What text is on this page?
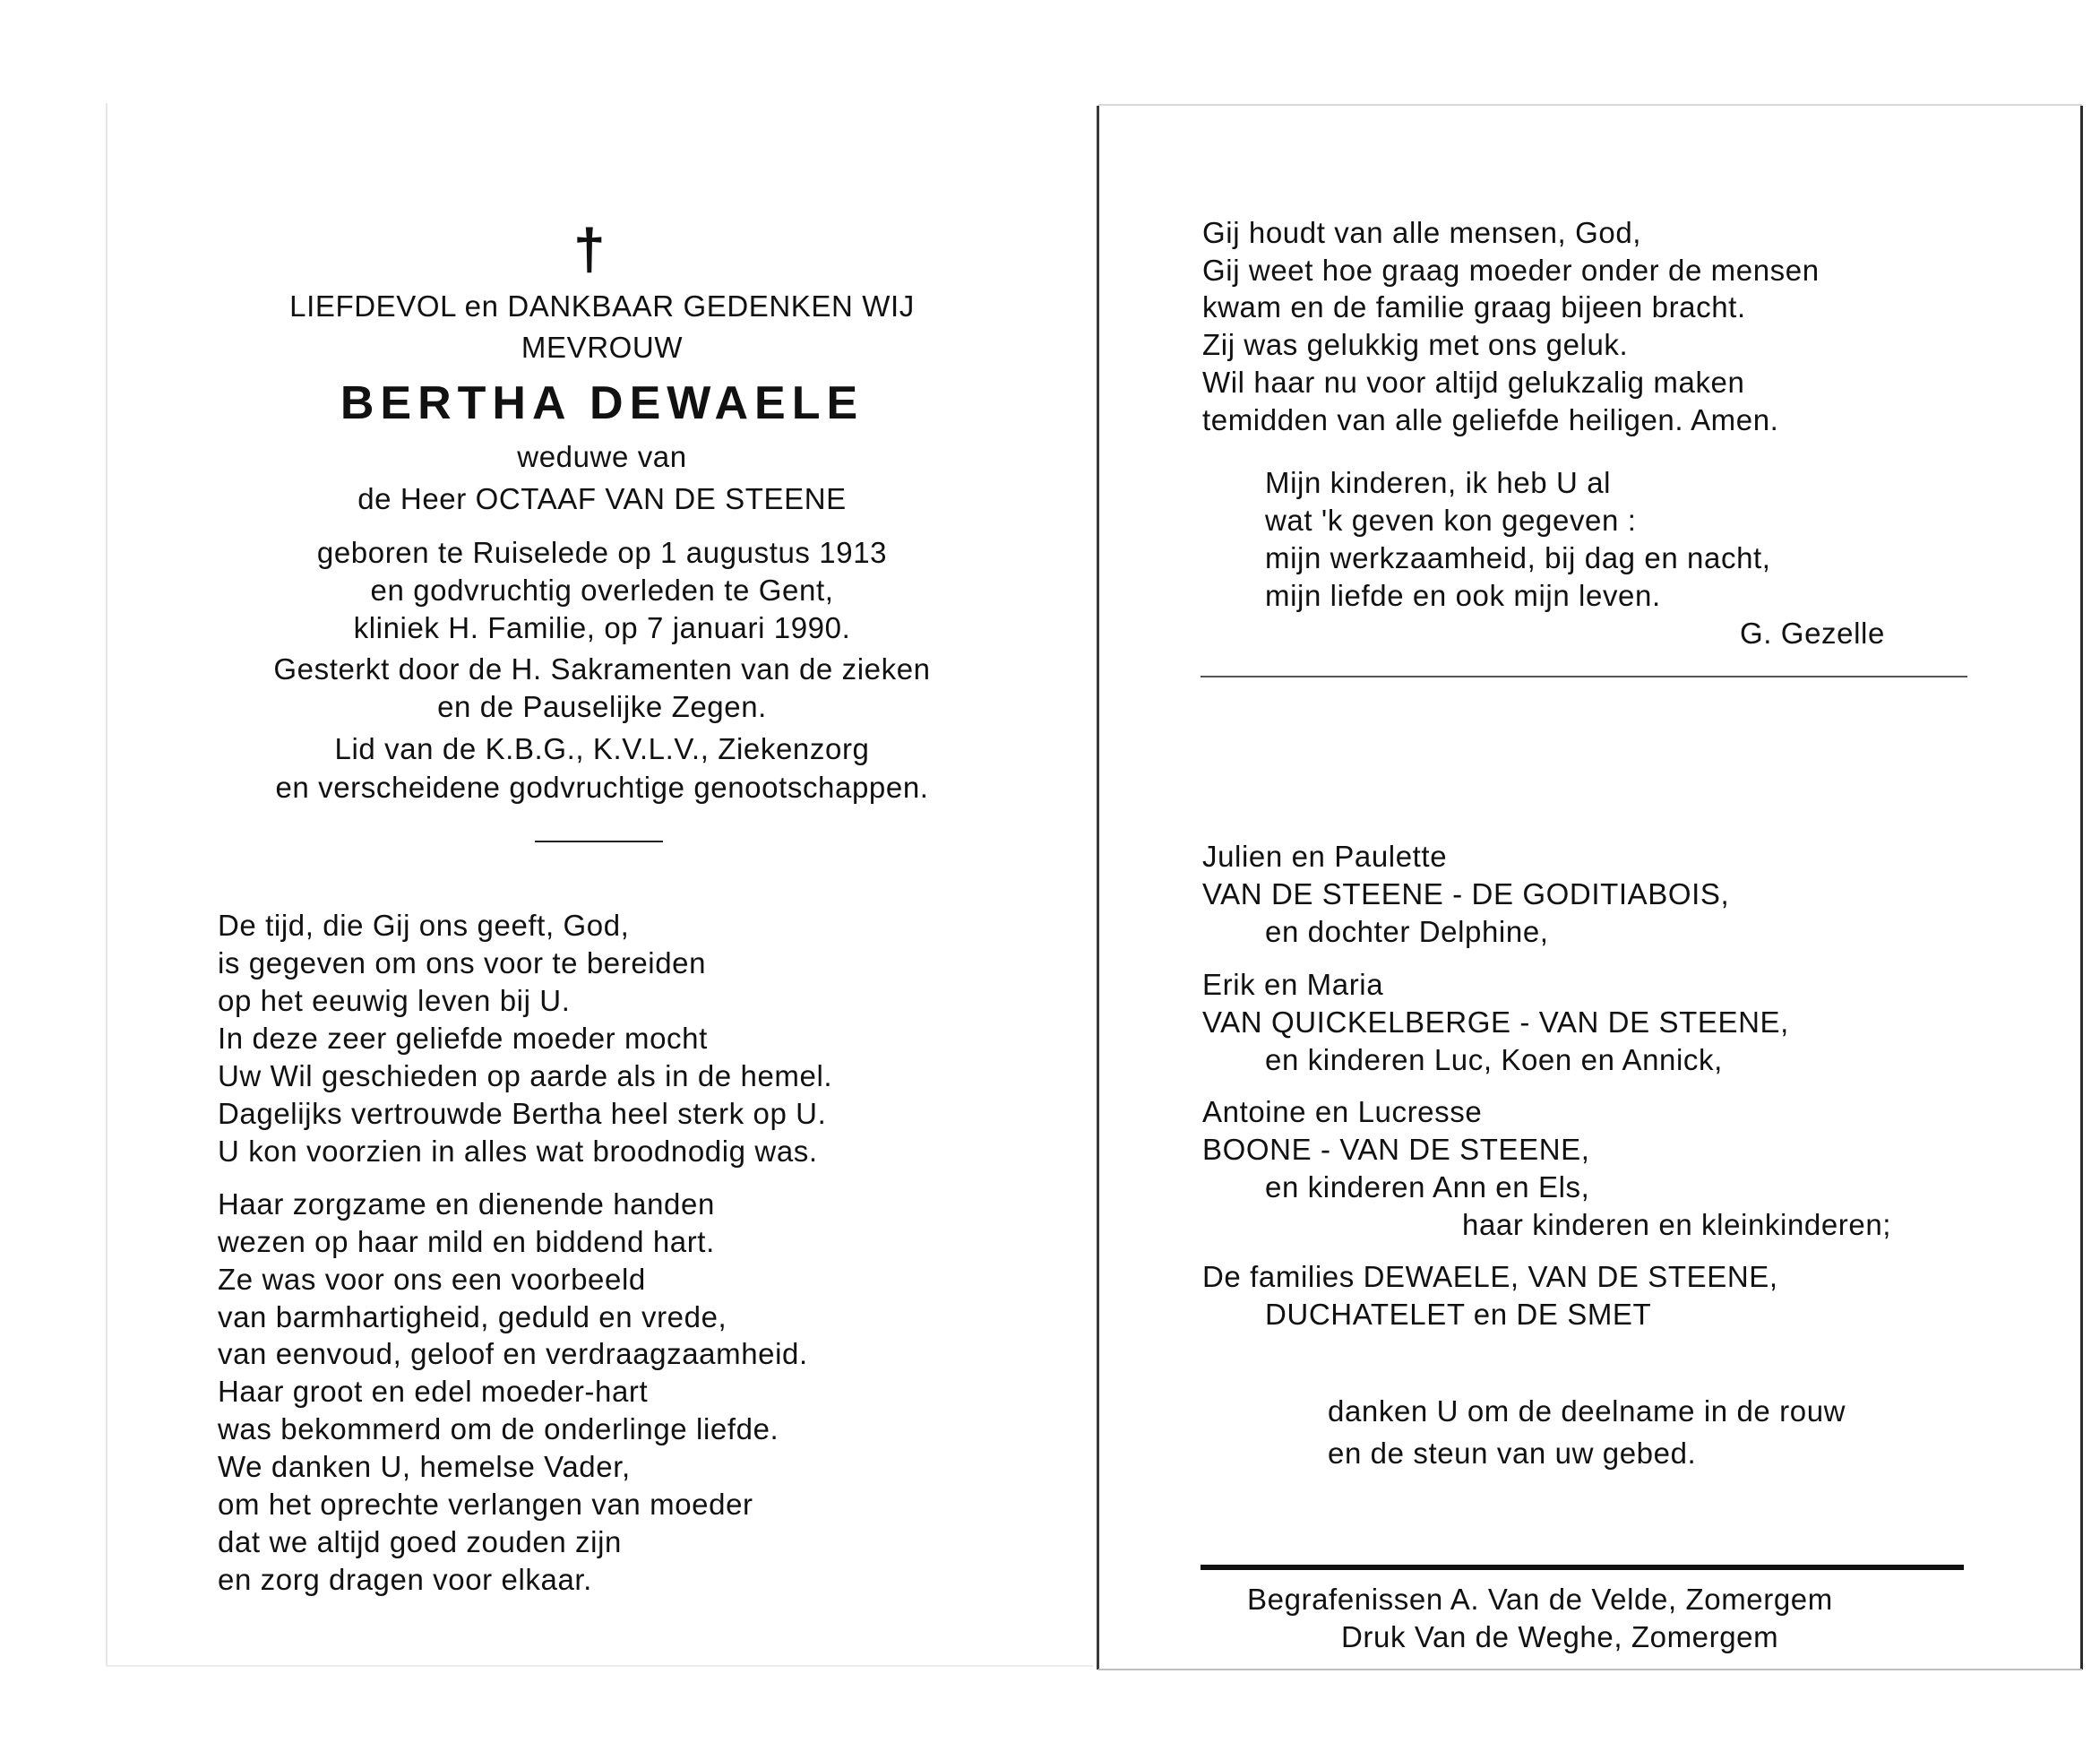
†
LIEFDEVOL en DANKBAAR GEDENKEN WIJ
MEVROUW
BERTHA DEWAELE
weduwe van
de Heer OCTAAF VAN DE STEENE
geboren te Ruiselede op 1 augustus 1913
en godvruchtig overleden te Gent,
kliniek H. Familie, op 7 januari 1990.
Gesterkt door de H. Sakramenten van de zieken
en de Pauselijke Zegen.
Lid van de K.B.G., K.V.L.V., Ziekenzorg
en verscheidene godvruchtige genootschappen.
De tijd, die Gij ons geeft, God,
is gegeven om ons voor te bereiden
op het eeuwig leven bij U.
In deze zeer geliefde moeder mocht
Uw Wil geschieden op aarde als in de hemel.
Dagelijks vertrouwde Bertha heel sterk op U.
U kon voorzien in alles wat broodnodig was.
Haar zorgzame en dienende handen
wezen op haar mild en biddend hart.
Ze was voor ons een voorbeeld
van barmhartigheid, geduld en vrede,
van eenvoud, geloof en verdraagzaamheid.
Haar groot en edel moeder-hart
was bekommerd om de onderlinge liefde.
We danken U, hemelse Vader,
om het oprechte verlangen van moeder
dat we altijd goed zouden zijn
en zorg dragen voor elkaar.
Gij houdt van alle mensen, God,
Gij weet hoe graag moeder onder de mensen
kwam en de familie graag bijeen bracht.
Zij was gelukkig met ons geluk.
Wil haar nu voor altijd gelukzalig maken
temidden van alle geliefde heiligen. Amen.
Mijn kinderen, ik heb U al
wat 'k geven kon gegeven :
mijn werkzaamheid, bij dag en nacht,
mijn liefde en ook mijn leven.
G. Gezelle
Julien en Paulette
VAN DE STEENE - DE GODITIABOIS,
en dochter Delphine,
Erik en Maria
VAN QUICKELBERGE - VAN DE STEENE,
en kinderen Luc, Koen en Annick,
Antoine en Lucresse
BOONE - VAN DE STEENE,
en kinderen Ann en Els,
haar kinderen en kleinkinderen;
De families DEWAELE, VAN DE STEENE,
DUCHATELET en DE SMET
danken U om de deelname in de rouw
en de steun van uw gebed.
Begrafenissen A. Van de Velde, Zomergem
Druk Van de Weghe, Zomergem
